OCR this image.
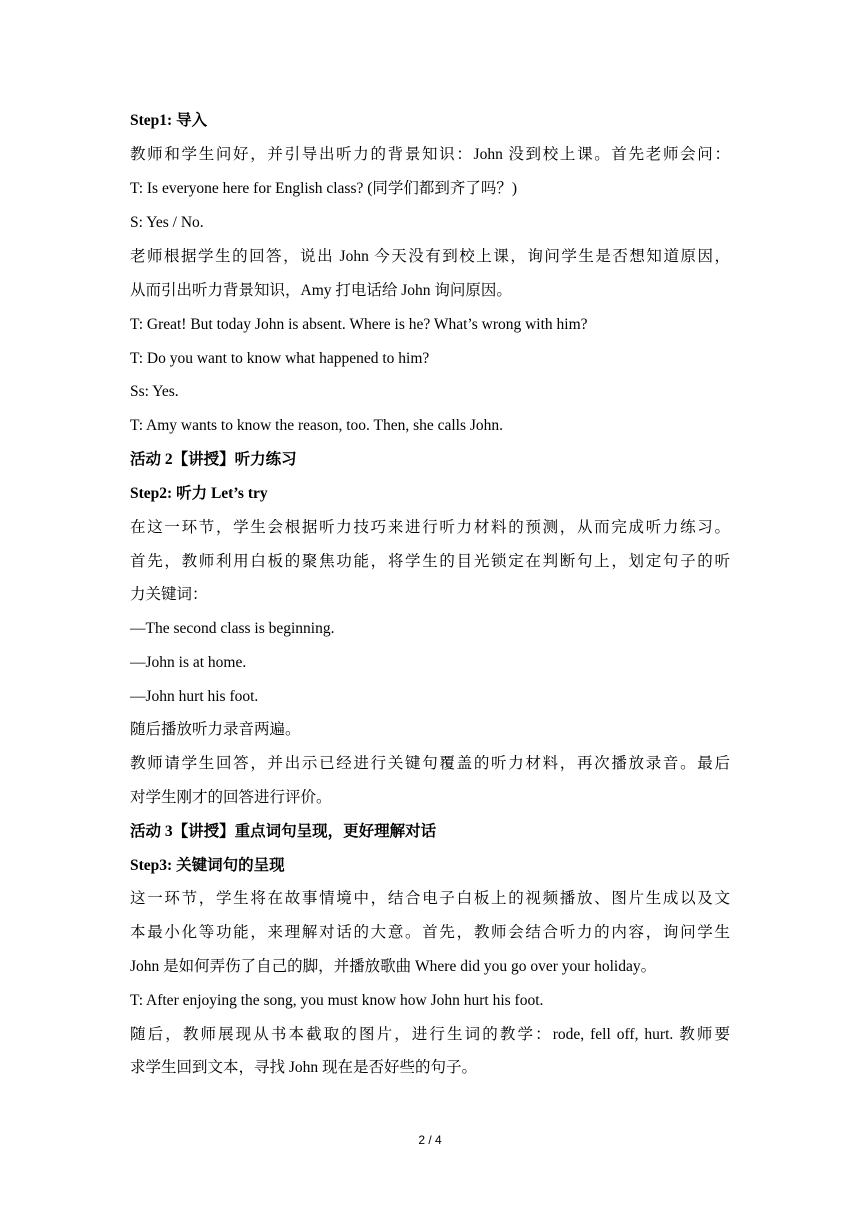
Step1: 导入
教师和学生问好，并引导出听力的背景知识：John 没到校上课。首先老师会问：
T: Is everyone here for English class? (同学们都到齐了吗？)
S: Yes / No.
老师根据学生的回答，说出 John 今天没有到校上课，询问学生是否想知道原因，
从而引出听力背景知识，Amy 打电话给 John 询问原因。
T: Great! But today John is absent. Where is he? What’s wrong with him?
T: Do you want to know what happened to him?
Ss: Yes.
T: Amy wants to know the reason, too. Then, she calls John.
活动 2【讲授】听力练习
Step2: 听力 Let’s try
在这一环节，学生会根据听力技巧来进行听力材料的预测，从而完成听力练习。
首先，教师利用白板的聚焦功能，将学生的目光锁定在判断句上，划定句子的听
力关键词：
—The second class is beginning.
—John is at home.
—John hurt his foot.
随后播放听力录音两遍。
教师请学生回答，并出示已经进行关键句覆盖的听力材料，再次播放录音。最后
对学生刚才的回答进行评价。
活动 3【讲授】重点词句呈现，更好理解对话
Step3: 关键词句的呈现
这一环节，学生将在故事情境中，结合电子白板上的视频播放、图片生成以及文
本最小化等功能，来理解对话的大意。首先，教师会结合听力的内容，询问学生
John 是如何弄伤了自己的脚，并播放歌曲 Where did you go over your holiday。
T: After enjoying the song, you must know how John hurt his foot.
随后，教师展现从书本截取的图片，进行生词的教学：rode, fell off, hurt. 教师要
求学生回到文本，寻找 John 现在是否好些的句子。
2 / 4
